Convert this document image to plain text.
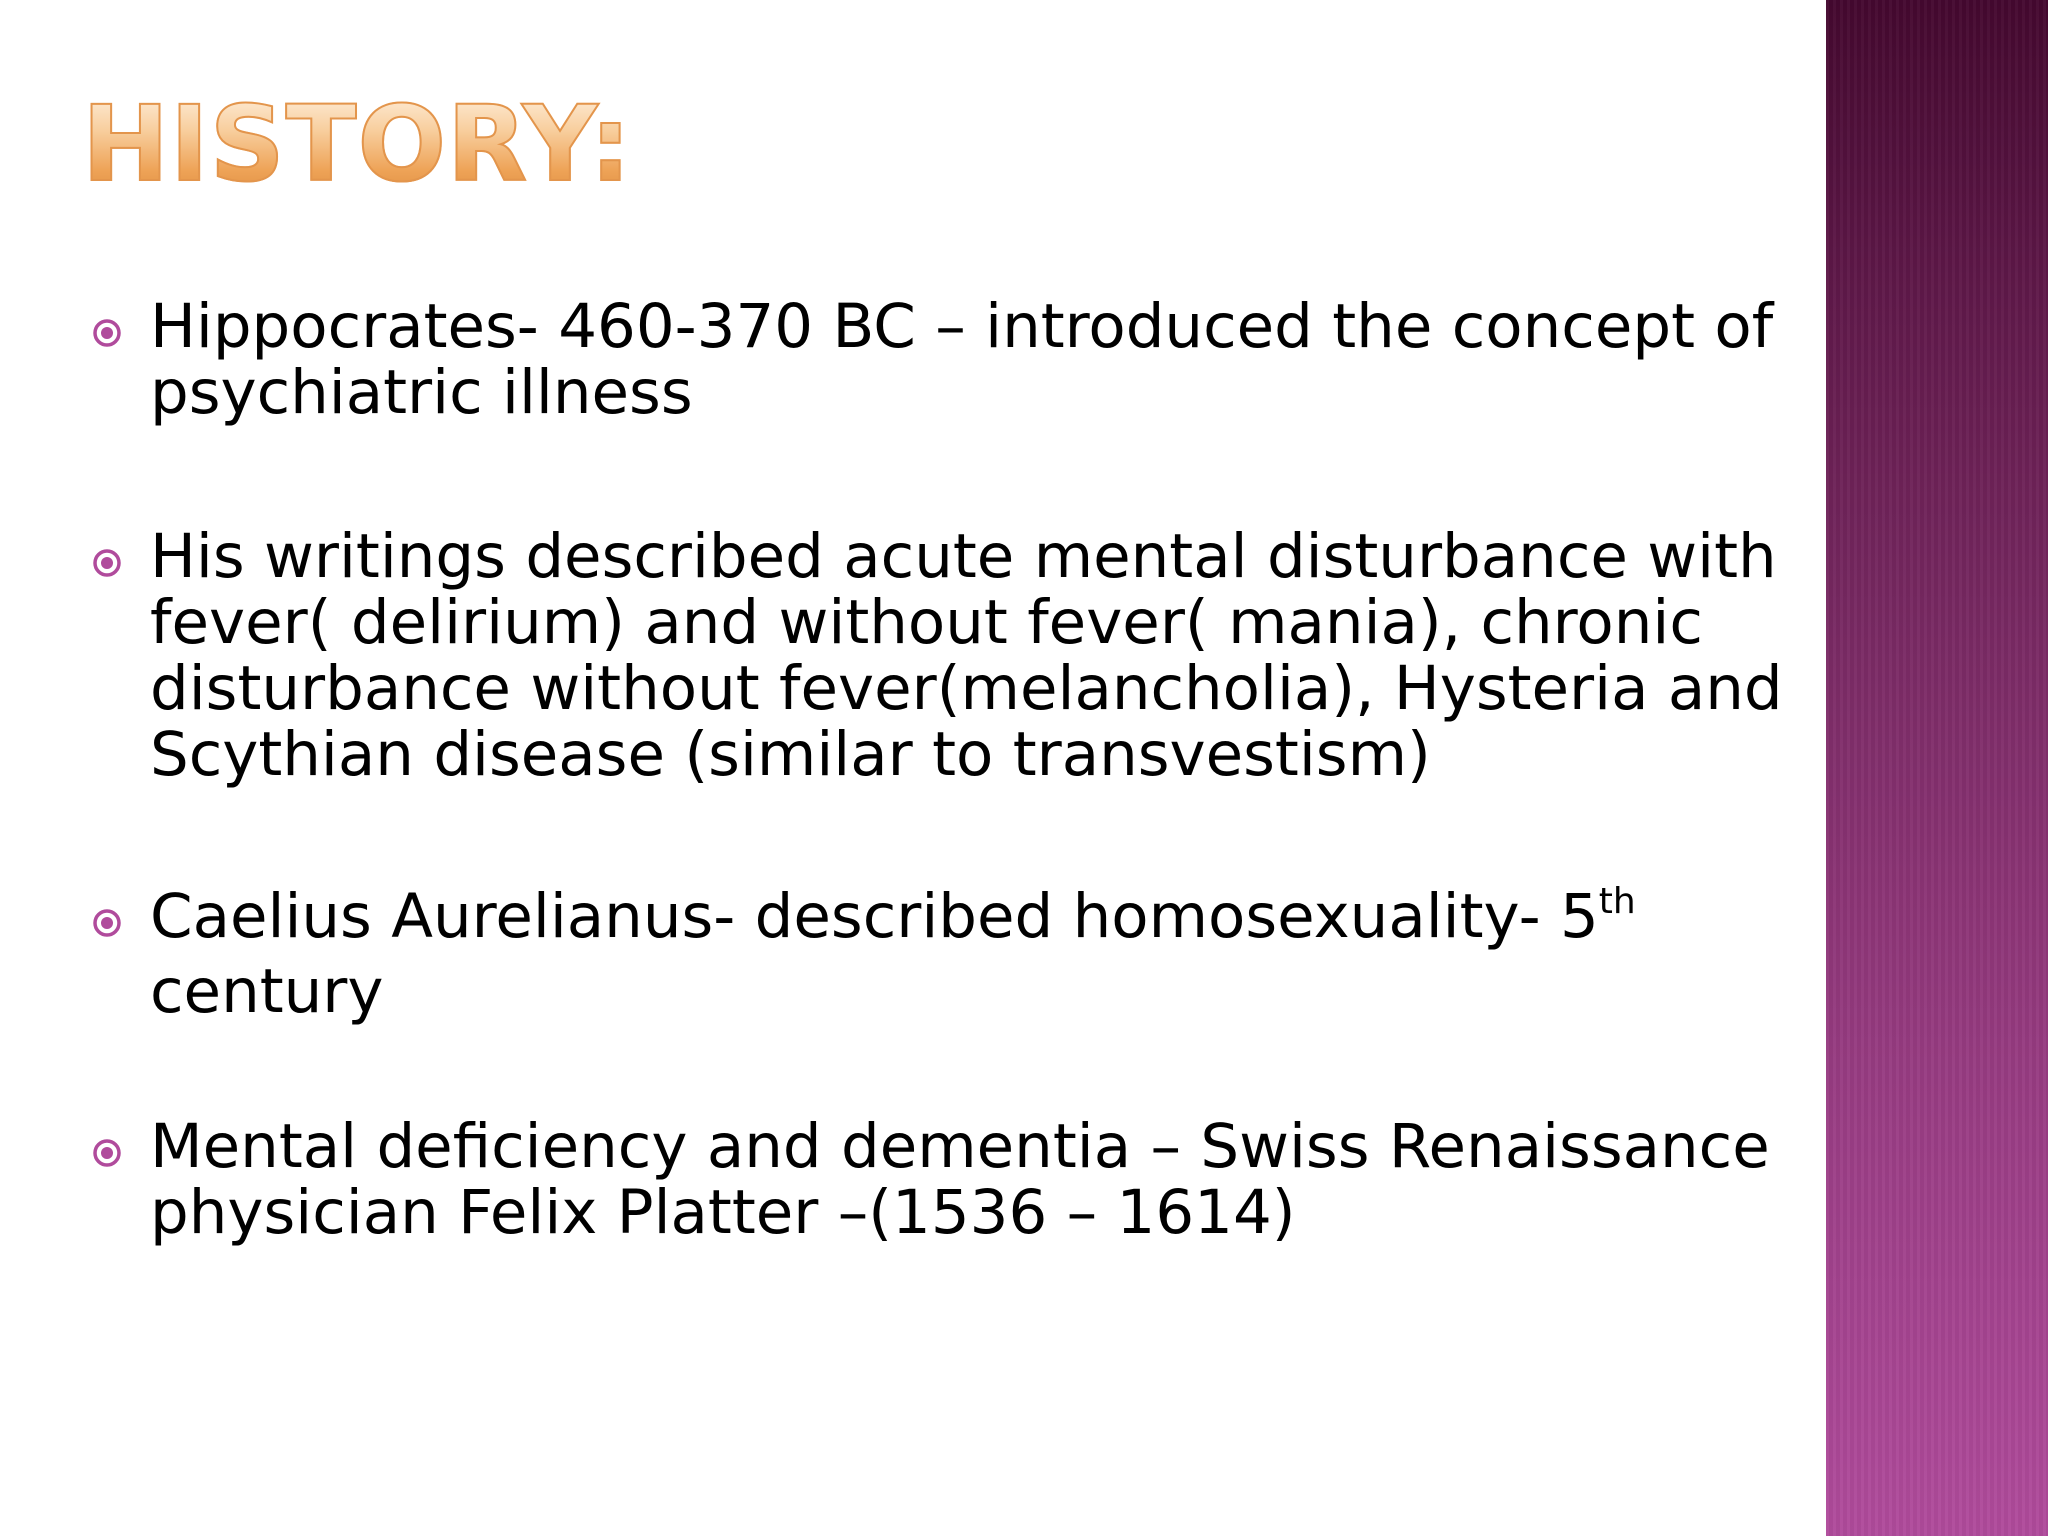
HISTORY:
Hippocrates- 460-370 BC – introduced the concept of
psychiatric illness
His writings described acute mental disturbance with
fever( delirium) and without fever( mania), chronic
disturbance without fever(melancholia), Hysteria and
Scythian disease (similar to transvestism)
Caelius Aurelianus- described homosexuality- 5th
century
Mental deficiency and dementia – Swiss Renaissance
physician Felix Platter –(1536 – 1614)
